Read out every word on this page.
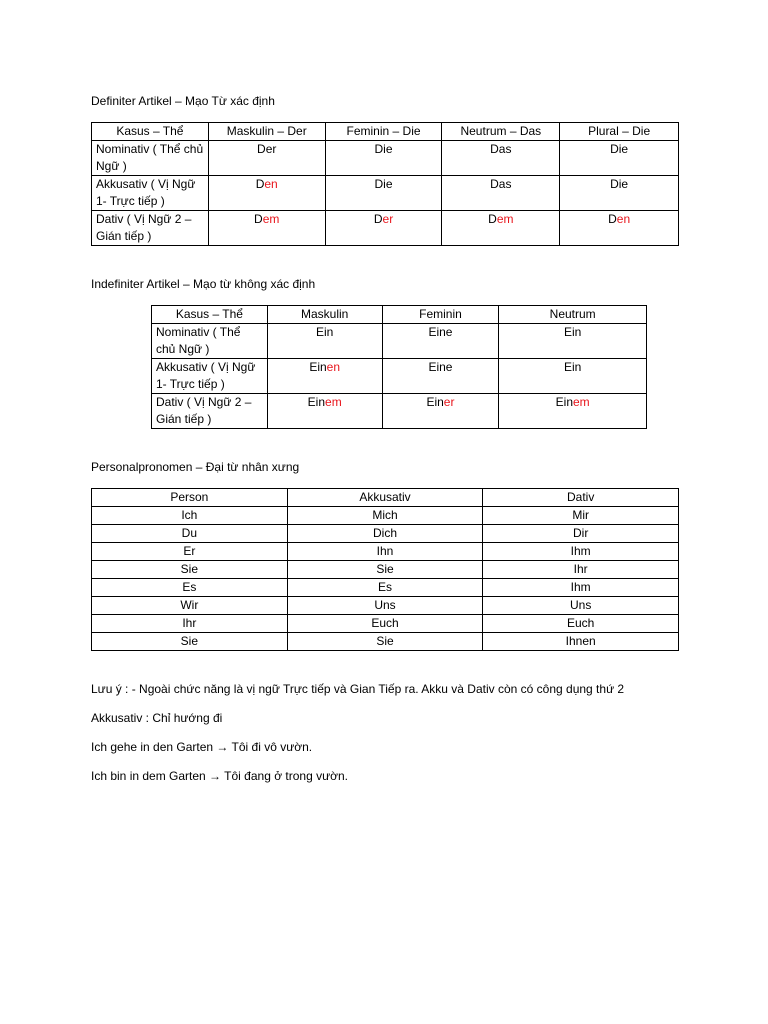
Definiter Artikel – Mạo Từ xác định
Kasus – Thể	Maskulin – Der	Feminin – Die	Neutrum – Das	Plural – Die
Nominativ ( Thể chủ Ngữ )	Der	Die	Das	Die
Akkusativ ( Vị Ngữ 1- Trực tiếp )	Den	Die	Das	Die
Dativ ( Vị Ngữ 2 – Gián tiếp )	Dem	Der	Dem	Den
Indefiniter Artikel – Mạo từ không xác định
Kasus – Thể	Maskulin	Feminin	Neutrum
Nominativ ( Thể chủ Ngữ )	Ein	Eine	Ein
Akkusativ ( Vị Ngữ 1- Trực tiếp )	Einen	Eine	Ein
Dativ ( Vị Ngữ 2 – Gián tiếp )	Einem	Einer	Einem
Personalpronomen – Đại từ nhân xưng
Person	Akkusativ	Dativ
Ich	Mich	Mir
Du	Dich	Dir
Er	Ihn	Ihm
Sie	Sie	Ihr
Es	Es	Ihm
Wir	Uns	Uns
Ihr	Euch	Euch
Sie	Sie	Ihnen
Lưu ý : - Ngoài chức năng là vị ngữ Trực tiếp và Gian Tiếp ra. Akku và Dativ còn có công dụng thứ 2
Akkusativ : Chỉ hướng đi
Ich gehe in den Garten → Tôi đi vô vườn.
Ich bin in dem Garten → Tôi đang ở trong vườn.
